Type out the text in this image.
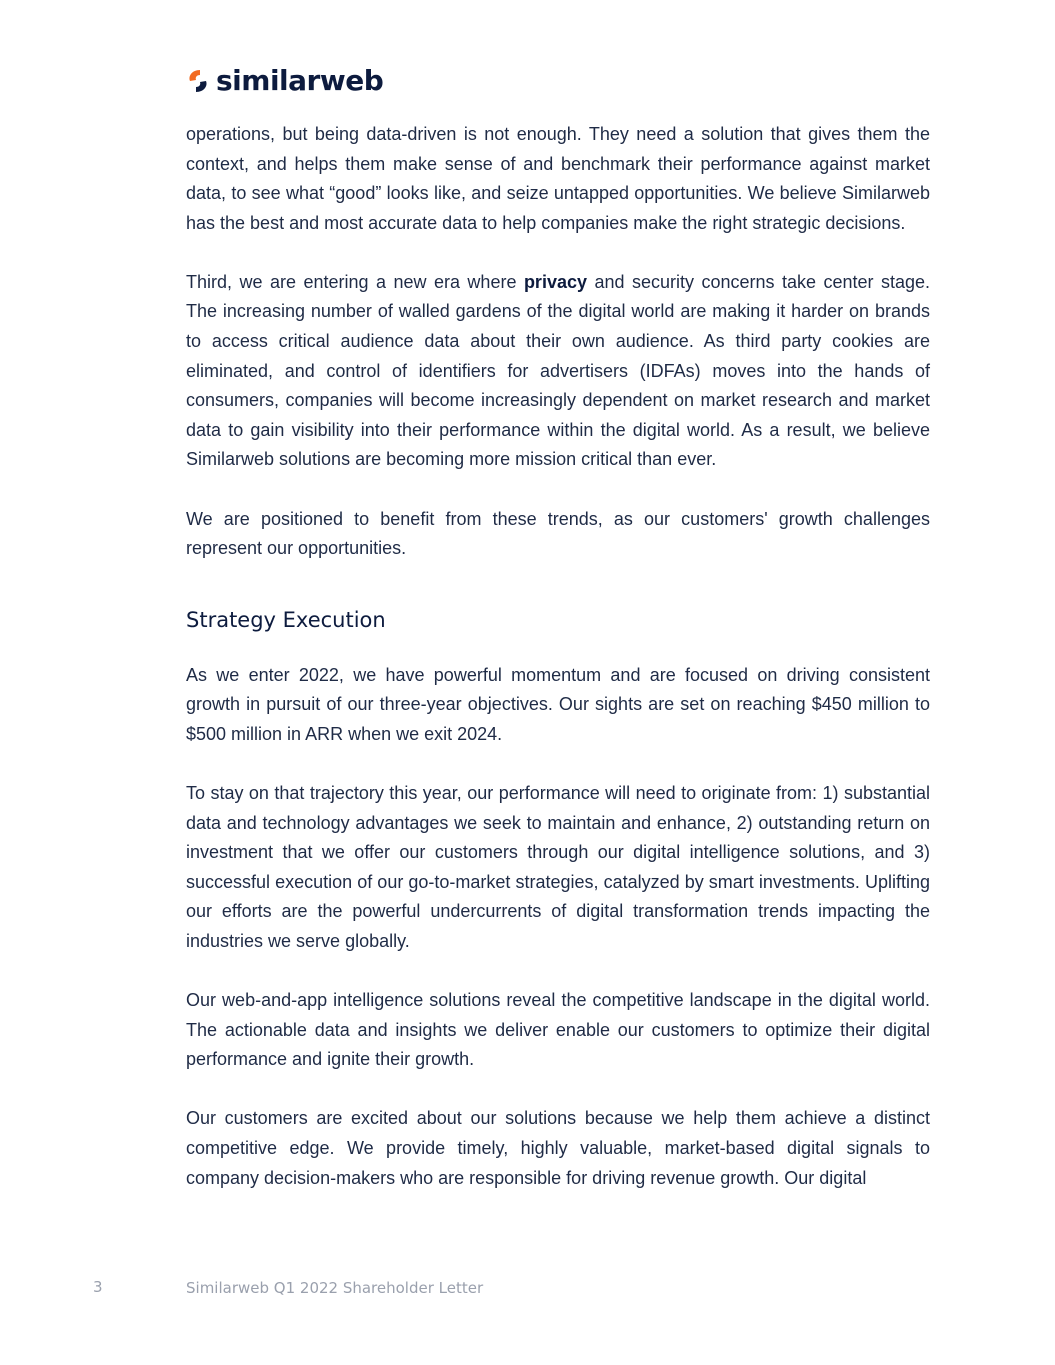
similarweb

operations, but being data-driven is not enough. They need a solution that gives them the context, and helps them make sense of and benchmark their performance against market data, to see what “good” looks like, and seize untapped opportunities. We believe Similarweb has the best and most accurate data to help companies make the right strategic decisions.

Third, we are entering a new era where privacy and security concerns take center stage. The increasing number of walled gardens of the digital world are making it harder on brands to access critical audience data about their own audience. As third party cookies are eliminated, and control of identifiers for advertisers (IDFAs) moves into the hands of consumers, companies will become increasingly dependent on market research and market data to gain visibility into their performance within the digital world. As a result, we believe Similarweb solutions are becoming more mission critical than ever.

We are positioned to benefit from these trends, as our customers' growth challenges represent our opportunities.

Strategy Execution

As we enter 2022, we have powerful momentum and are focused on driving consistent growth in pursuit of our three-year objectives. Our sights are set on reaching $450 million to $500 million in ARR when we exit 2024.

To stay on that trajectory this year, our performance will need to originate from: 1) substantial data and technology advantages we seek to maintain and enhance, 2) outstanding return on investment that we offer our customers through our digital intelligence solutions, and 3) successful execution of our go-to-market strategies, catalyzed by smart investments. Uplifting our efforts are the powerful undercurrents of digital transformation trends impacting the industries we serve globally.

Our web-and-app intelligence solutions reveal the competitive landscape in the digital world. The actionable data and insights we deliver enable our customers to optimize their digital performance and ignite their growth.

Our customers are excited about our solutions because we help them achieve a distinct competitive edge. We provide timely, highly valuable, market-based digital signals to company decision-makers who are responsible for driving revenue growth. Our digital

3	Similarweb Q1 2022 Shareholder Letter
